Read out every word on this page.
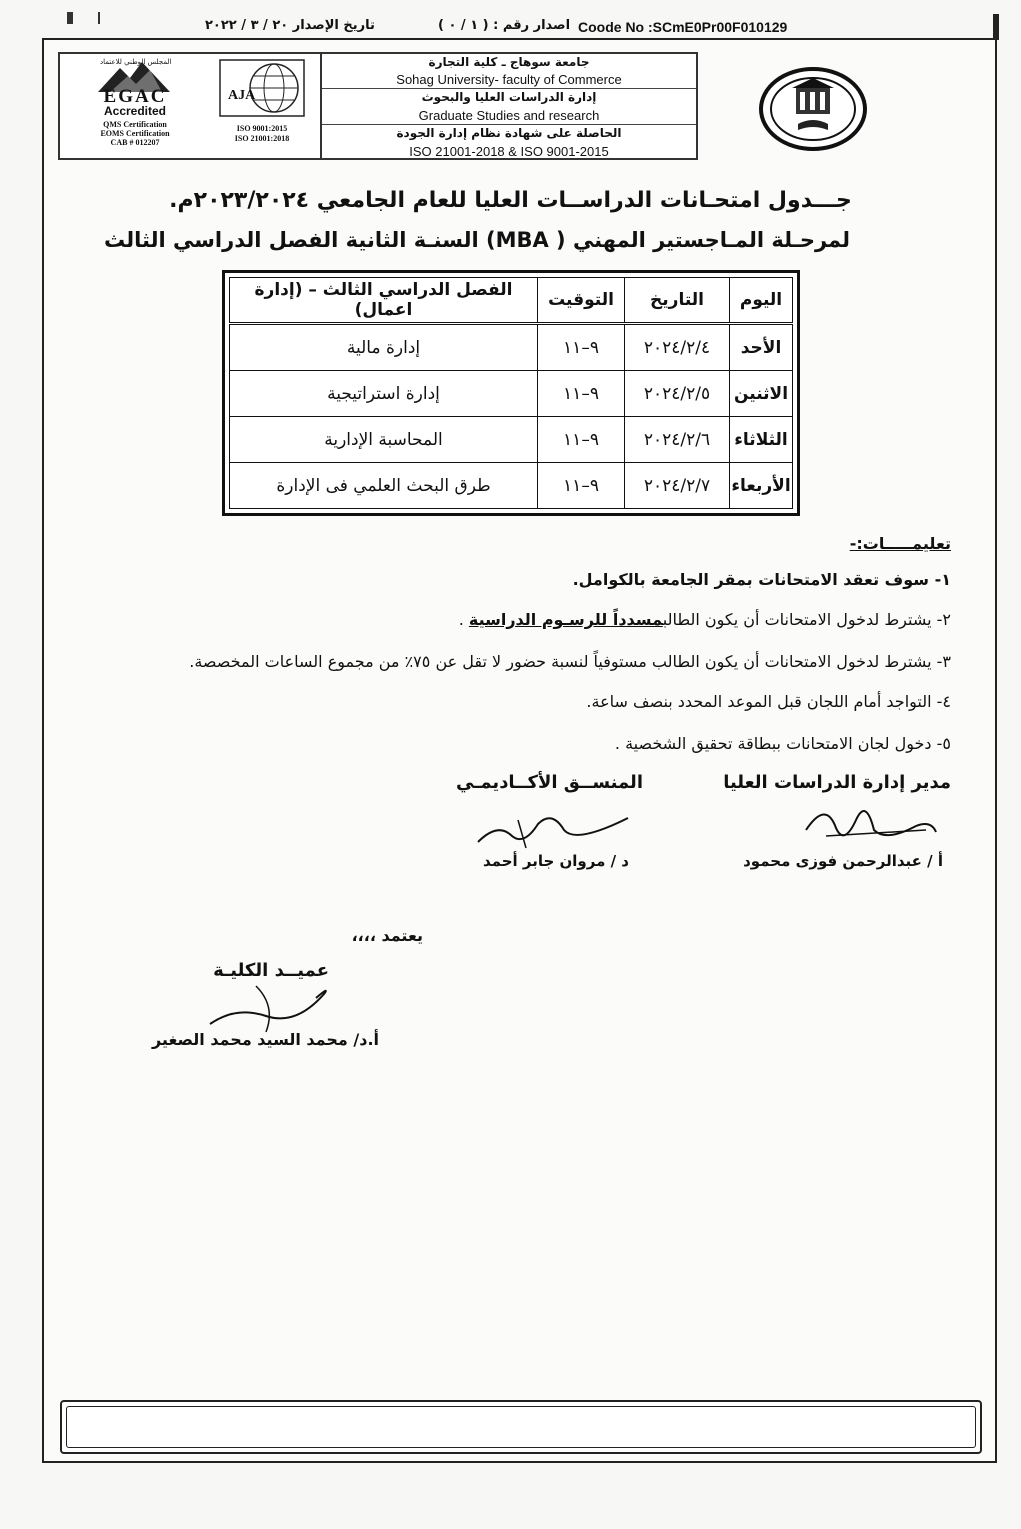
المجلس الوطني للاعتماد
EGAC
Accredited
QMS Certification
EOMS Certification
CAB # 012207
AJA
ISO 9001:2015
ISO 21001:2018
جامعة سوهاج ـ كلية التجارة
Sohag University- faculty of Commerce
إدارة الدراسات العليا والبحوث
Graduate Studies and research
الحاصلة على شهادة نظام إدارة الجودة
ISO 21001-2018 & ISO 9001-2015
جـــدول امتحـانات الدراســات العليا للعام الجامعي ٢٠٢٣/٢٠٢٤م.
لمرحـلة المـاجستير المهني ( MBA) السنـة الثانية الفصل الدراسي الثالث
اليوم	التاريخ	التوقيت	الفصل الدراسي الثالث – (إدارة اعمال)
الأحد	٢٠٢٤/٢/٤	٩–١١	إدارة مالية
الاثنين	٢٠٢٤/٢/٥	٩–١١	إدارة استراتيجية
الثلاثاء	٢٠٢٤/٢/٦	٩–١١	المحاسبة الإدارية
الأربعاء	٢٠٢٤/٢/٧	٩–١١	طرق البحث العلمي فى الإدارة
تعليمـــــات:-
١- سوف تعقد الامتحانات بمقر الجامعة بالكوامل.
٢- يشترط لدخول الامتحانات أن يكون الطالبمسدداً للرسـوم الدراسية .
٣- يشترط لدخول الامتحانات أن يكون الطالب مستوفياً لنسبة حضور لا تقل عن ٧٥٪ من مجموع الساعات المخصصة.
٤- التواجد أمام اللجان قبل الموعد المحدد بنصف ساعة.
٥- دخول لجان الامتحانات ببطاقة تحقيق الشخصية .
مدير إدارة الدراسات العليا
أ / عبدالرحمن فوزى محمود
المنســق الأكــاديمـي
د / مروان جابر أحمد
يعتمد ،،،،
عميــد الكليـة
أ.د/ محمد السيد محمد الصغير
Coode No :SCmE0Pr00F010129
اصدار رقم : ( ١ / ٠ )
تاريخ الإصدار ٢٠ / ٣ / ٢٠٢٢
